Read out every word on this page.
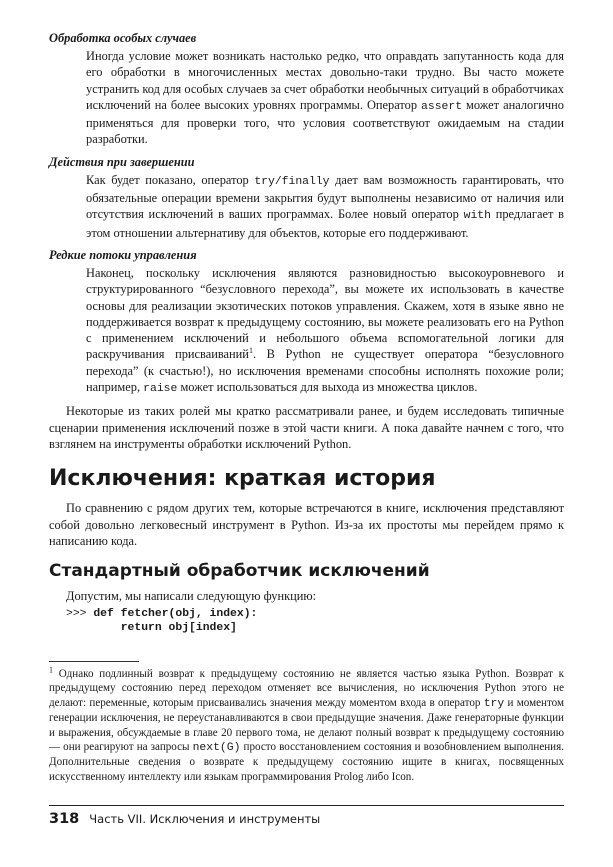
Обработка особых случаев

Иногда условие может возникать настолько редко, что оправдать запутанность кода для его обработки в многочисленных местах довольно-таки трудно. Вы часто можете устранить код для особых случаев за счет обработки необычных ситуаций в обработчиках исключений на более высоких уровнях программы. Оператор assert может аналогично применяться для проверки того, что условия соответствуют ожидаемым на стадии разработки.

Действия при завершении

Как будет показано, оператор try/finally дает вам возможность гарантировать, что обязательные операции времени закрытия будут выполнены независимо от наличия или отсутствия исключений в ваших программах. Более новый оператор with предлагает в этом отношении альтернативу для объектов, которые его поддерживают.

Редкие потоки управления

Наконец, поскольку исключения являются разновидностью высокоуровневого и структурированного “безусловного перехода”, вы можете их использовать в качестве основы для реализации экзотических потоков управления. Скажем, хотя в языке явно не поддерживается возврат к предыдущему состоянию, вы можете реализовать его на Python с применением исключений и небольшого объема вспомогательной логики для раскручивания присваиваний$^1$. В Python не существует оператора “безусловного перехода” (к счастью!), но исключения временами способны исполнять похожие роли; например, raise может использоваться для выхода из множества циклов.

Некоторые из таких ролей мы кратко рассматривали ранее, и будем исследовать типичные сценарии применения исключений позже в этой части книги. А пока давайте начнем с того, что взглянем на инструменты обработки исключений Python.

Исключения: краткая история

По сравнению с рядом других тем, которые встречаются в книге, исключения представляют собой довольно легковесный инструмент в Python. Из-за их простоты мы перейдем прямо к написанию кода.

Стандартный обработчик исключений

Допустим, мы написали следующую функцию:

>>> def fetcher(obj, index):
return obj[index]
$^1$ Однако подлинный возврат к предыдущему состоянию не является частью языка Python. Возврат к предыдущему состоянию перед переходом отменяет все вычисления, но исключения Python этого не делают: переменные, которым присваивались значения между моментом входа в оператор try и моментом генерации исключения, не переустанавливаются в свои предыдущие значения. Даже генераторные функции и выражения, обсуждаемые в главе 20 первого тома, не делают полный возврат к предыдущему состоянию — они реагируют на запросы next(G) просто восстановлением состояния и возобновлением выполнения. Дополнительные сведения о возврате к предыдущему состоянию ищите в книгах, посвященных искусственному интеллекту или языкам программирования Prolog либо Icon.
318 Часть VII. Исключения и инструменты
